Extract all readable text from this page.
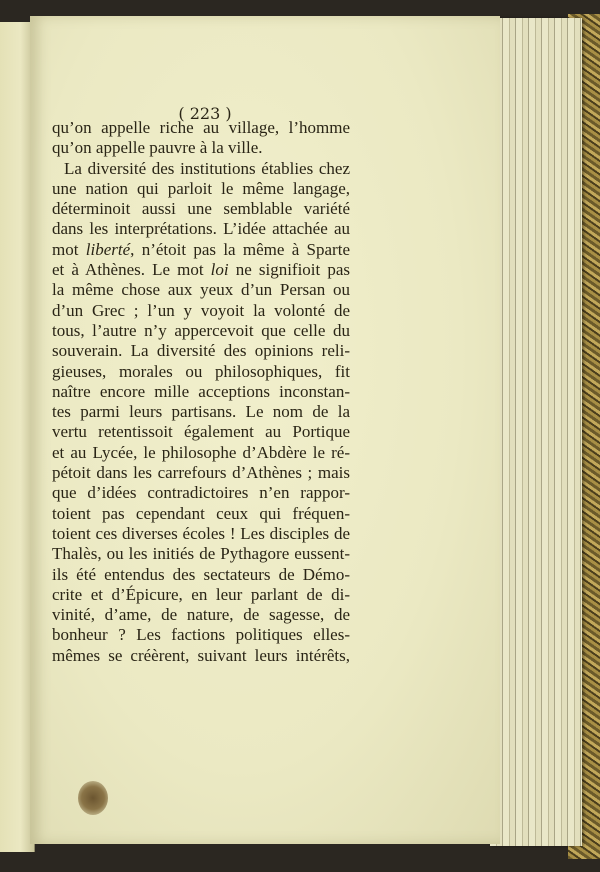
( 223 )
qu’on appelle riche au village, l’homme
qu’on appelle pauvre à la ville.
La diversité des institutions établies chez
une nation qui parloit le même langage,
déterminoit aussi une semblable variété
dans les interprétations. L’idée attachée au
mot liberté, n’étoit pas la même à Sparte
et à Athènes. Le mot loi ne signifioit pas
la même chose aux yeux d’un Persan ou
d’un Grec ; l’un y voyoit la volonté de
tous, l’autre n’y appercevoit que celle du
souverain. La diversité des opinions reli-
gieuses, morales ou philosophiques, fit
naître encore mille acceptions inconstan-
tes parmi leurs partisans. Le nom de la
vertu retentissoit également au Portique
et au Lycée, le philosophe d’Abdère le ré-
pétoit dans les carrefours d’Athènes ; mais
que d’idées contradictoires n’en rappor-
toient pas cependant ceux qui fréquen-
toient ces diverses écoles ! Les disciples de
Thalès, ou les initiés de Pythagore eussent-
ils été entendus des sectateurs de Démo-
crite et d’Épicure, en leur parlant de di-
vinité, d’ame, de nature, de sagesse, de
bonheur ? Les factions politiques elles-
mêmes se créèrent, suivant leurs intérêts,
